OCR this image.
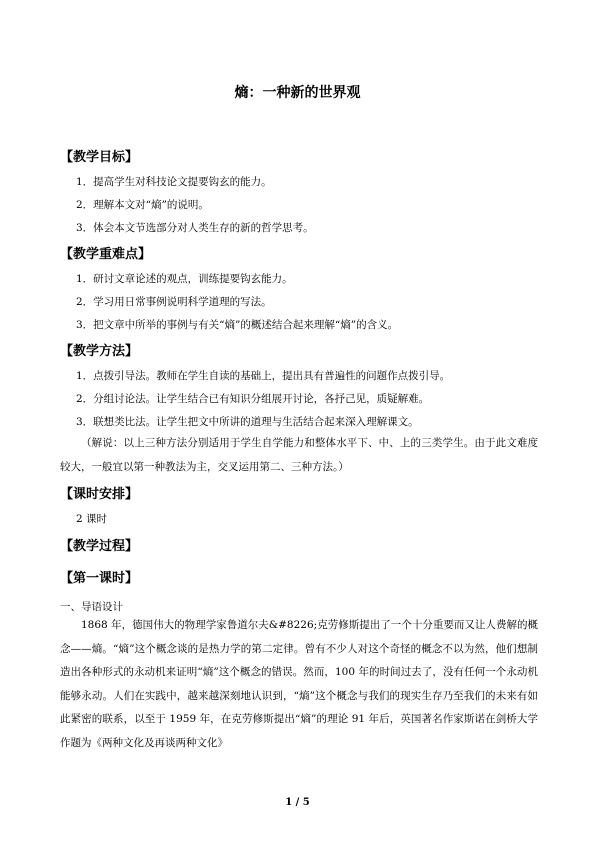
熵：一种新的世界观
【教学目标】
1．提高学生对科技论文提要钩玄的能力。
2．理解本文对“熵”的说明。
3．体会本文节选部分对人类生存的新的哲学思考。
【教学重难点】
1．研讨文章论述的观点，训练提要钩玄能力。
2．学习用日常事例说明科学道理的写法。
3．把文章中所举的事例与有关“熵”的概述结合起来理解“熵”的含义。
【教学方法】
1．点拨引导法。教师在学生自读的基础上，提出具有普遍性的问题作点拨引导。
2．分组讨论法。让学生结合已有知识分组展开讨论，各抒己见，质疑解难。
3．联想类比法。让学生把文中所讲的道理与生活结合起来深入理解课文。
（解说：以上三种方法分别适用于学生自学能力和整体水平下、中、上的三类学生。由于此文难度较大，一般宜以第一种教法为主，交叉运用第二、三种方法。）
【课时安排】
2 课时
【教学过程】
【第一课时】
一、导语设计
1868 年，德国伟大的物理学家鲁道尔夫&#8226;克劳修斯提出了一个十分重要而又让人费解的概念——熵。“熵”这个概念谈的是热力学的第二定律。曾有不少人对这个奇怪的概念不以为然，他们想制造出各种形式的永动机来证明“熵”这个概念的错误。然而，100 年的时间过去了，没有任何一个永动机能够永动。人们在实践中，越来越深刻地认识到，“熵”这个概念与我们的现实生存乃至我们的未来有如此紧密的联系，以至于 1959 年，在克劳修斯提出“熵”的理论 91 年后，英国著名作家斯诺在剑桥大学作题为《两种文化及再谈两种文化》
1 / 5
